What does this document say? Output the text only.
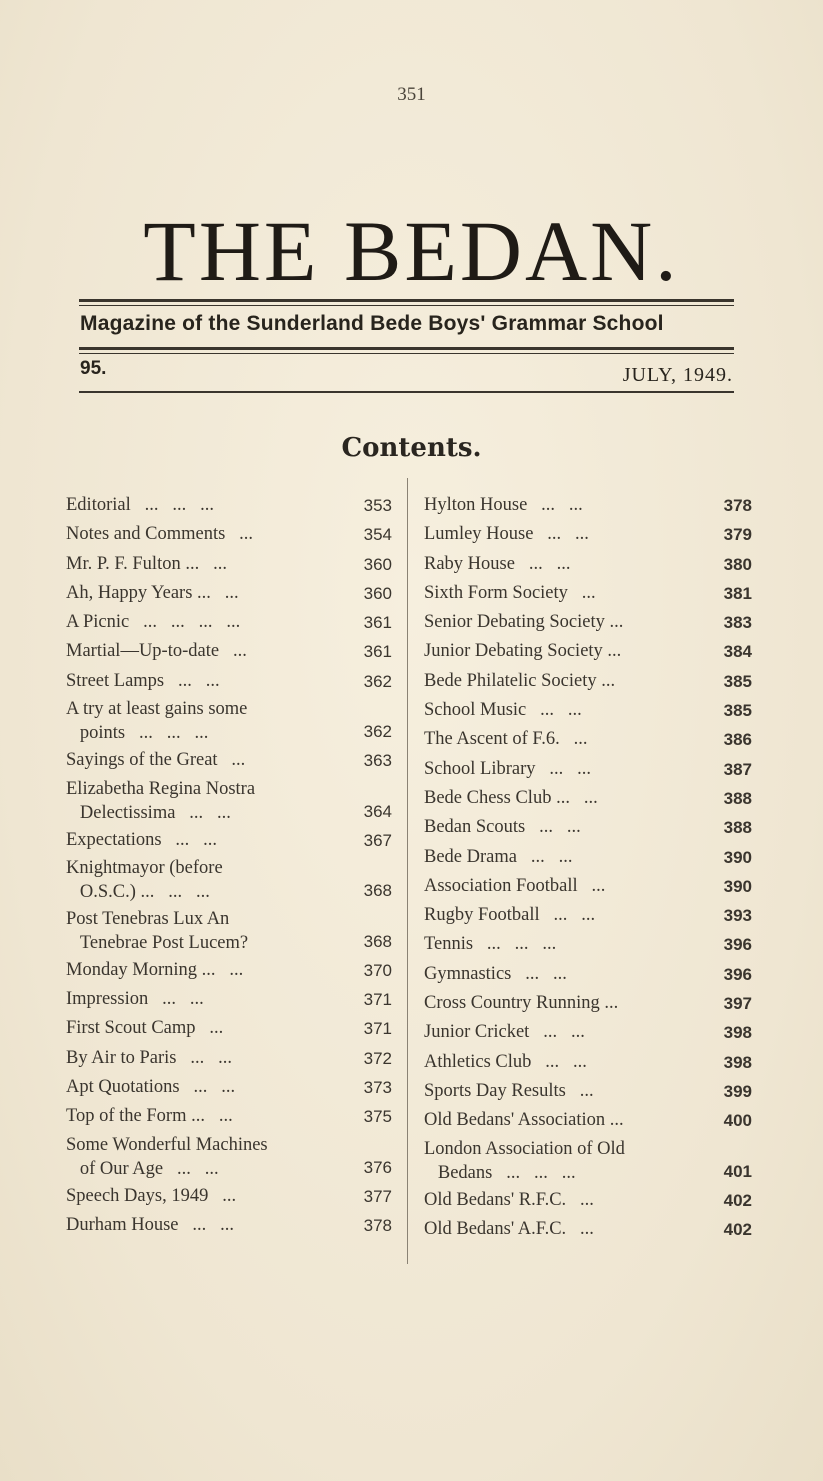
351
THE BEDAN.
Magazine of the Sunderland Bede Boys' Grammar School
95.	JULY, 1949.
Contents.
Editorial   ...   ...   ...	353
Notes and Comments   ...	354
Mr. P. F. Fulton ...   ...	360
Ah, Happy Years ...   ...	360
A Picnic   ...   ...   ...   ...	361
Martial—Up-to-date   ...	361
Street Lamps   ...   ...	362
A try at least gains some
points   ...   ...   ...	362
Sayings of the Great   ...	363
Elizabetha Regina Nostra
Delectissima   ...   ...	364
Expectations   ...   ...	367
Knightmayor (before
O.S.C.) ...   ...   ...	368
Post Tenebras Lux An
Tenebrae Post Lucem?	368
Monday Morning ...   ...	370
Impression   ...   ...	371
First Scout Camp   ...	371
By Air to Paris   ...   ...	372
Apt Quotations   ...   ...	373
Top of the Form ...   ...	375
Some Wonderful Machines
of Our Age   ...   ...	376
Speech Days, 1949   ...	377
Durham House   ...   ...	378
Hylton House   ...   ...	378
Lumley House   ...   ...	379
Raby House   ...   ...	380
Sixth Form Society   ...	381
Senior Debating Society ...	383
Junior Debating Society ...	384
Bede Philatelic Society ...	385
School Music   ...   ...	385
The Ascent of F.6.   ...	386
School Library   ...   ...	387
Bede Chess Club ...   ...	388
Bedan Scouts   ...   ...	388
Bede Drama   ...   ...	390
Association Football   ...	390
Rugby Football   ...   ...	393
Tennis   ...   ...   ...	396
Gymnastics   ...   ...	396
Cross Country Running ...	397
Junior Cricket   ...   ...	398
Athletics Club   ...   ...	398
Sports Day Results   ...	399
Old Bedans' Association ...	400
London Association of Old
Bedans   ...   ...   ...	401
Old Bedans' R.F.C.   ...	402
Old Bedans' A.F.C.   ...	402
